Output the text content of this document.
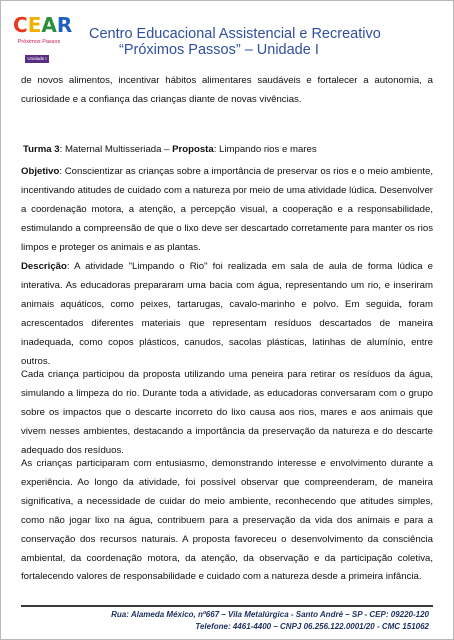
CEAR
Próximos Passos
Unidade I
Centro Educacional Assistencial e Recreativo
“Próximos Passos” – Unidade I
de novos alimentos, incentivar hábitos alimentares saudáveis e fortalecer a autonomia, a curiosidade e a confiança das crianças diante de novas vivências.
Turma 3: Maternal Multisseriada – Proposta: Limpando rios e mares
Objetivo: Conscientizar as crianças sobre a importância de preservar os rios e o meio ambiente, incentivando atitudes de cuidado com a natureza por meio de uma atividade lúdica. Desenvolver a coordenação motora, a atenção, a percepção visual, a cooperação e a responsabilidade, estimulando a compreensão de que o lixo deve ser descartado corretamente para manter os rios limpos e proteger os animais e as plantas.
Descrição: A atividade "Limpando o Rio" foi realizada em sala de aula de forma lúdica e interativa. As educadoras prepararam uma bacia com água, representando um rio, e inseriram animais aquáticos, como peixes, tartarugas, cavalo-marinho e polvo. Em seguida, foram acrescentados diferentes materiais que representam resíduos descartados de maneira inadequada, como copos plásticos, canudos, sacolas plásticas, latinhas de alumínio, entre outros.
Cada criança participou da proposta utilizando uma peneira para retirar os resíduos da água, simulando a limpeza do rio. Durante toda a atividade, as educadoras conversaram com o grupo sobre os impactos que o descarte incorreto do lixo causa aos rios, mares e aos animais que vivem nesses ambientes, destacando a importância da preservação da natureza e do descarte adequado dos resíduos.
As crianças participaram com entusiasmo, demonstrando interesse e envolvimento durante a experiência. Ao longo da atividade, foi possível observar que compreenderam, de maneira significativa, a necessidade de cuidar do meio ambiente, reconhecendo que atitudes simples, como não jogar lixo na água, contribuem para a preservação da vida dos animais e para a conservação dos recursos naturais. A proposta favoreceu o desenvolvimento da consciência ambiental, da coordenação motora, da atenção, da observação e da participação coletiva, fortalecendo valores de responsabilidade e cuidado com a natureza desde a primeira infância.
Rua: Alameda México, nº667 – Vila Metalúrgica - Santo André – SP - CEP: 09220-120
Telefone: 4461-4400 – CNPJ 06.256.122.0001/20 - CMC 151062
